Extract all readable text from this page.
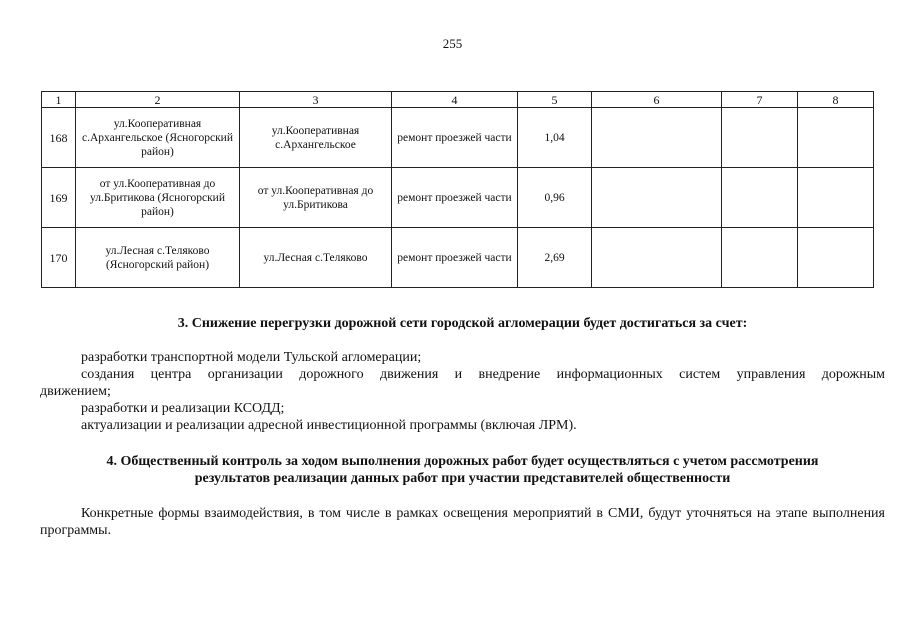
255
1	2	3	4	5	6	7	8
168	ул.Кооперативная с.Архангельское (Ясногорский район)	ул.Кооперативная с.Архангельское	ремонт проезжей части	1,04			
169	от ул.Кооперативная до ул.Бритикова (Ясногорский район)	от ул.Кооперативная до ул.Бритикова	ремонт проезжей части	0,96			
170	ул.Лесная с.Теляково (Ясногорский район)	ул.Лесная с.Теляково	ремонт проезжей части	2,69			
3. Снижение перегрузки дорожной сети городской агломерации будет достигаться за счет:
разработки транспортной модели Тульской агломерации;
создания центра организации дорожного движения и внедрение информационных систем управления дорожным
движением;
разработки и реализации КСОДД;
актуализации и реализации адресной инвестиционной программы (включая ЛРМ).
4. Общественный контроль за ходом выполнения дорожных работ будет осуществляться с учетом рассмотрения
результатов реализации данных работ при участии представителей общественности
Конкретные формы взаимодействия, в том числе в рамках освещения мероприятий в СМИ, будут уточняться на этапе выполнения программы.
